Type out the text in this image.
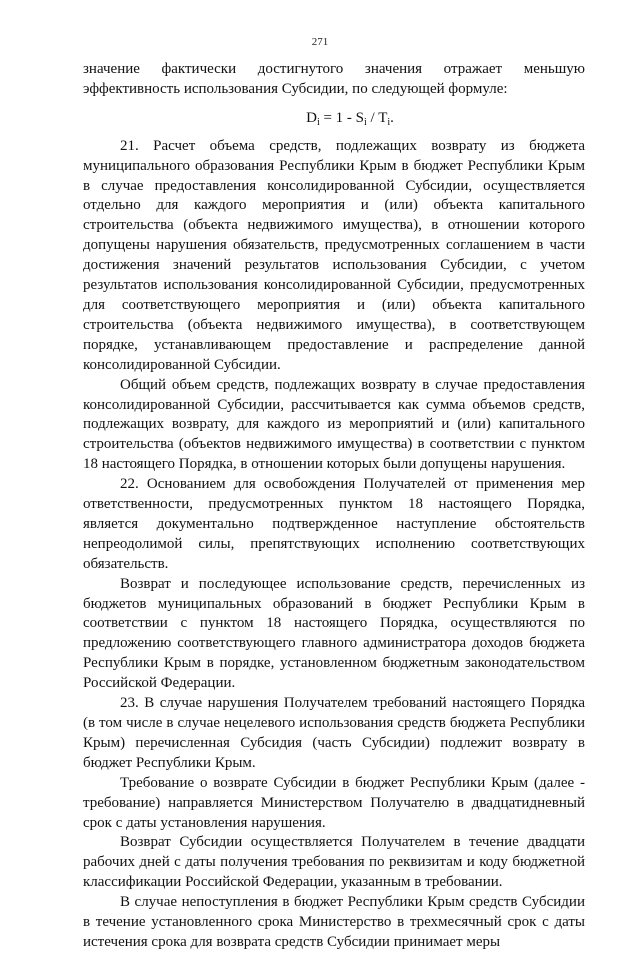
271

значение фактически достигнутого значения отражает меньшую эффективность использования Субсидии, по следующей формуле:

$D_i = 1 - S_i / T_i$.

21. Расчет объема средств, подлежащих возврату из бюджета муниципального образования Республики Крым в бюджет Республики Крым в случае предоставления консолидированной Субсидии, осуществляется отдельно для каждого мероприятия и (или) объекта капитального строительства (объекта недвижимого имущества), в отношении которого допущены нарушения обязательств, предусмотренных соглашением в части достижения значений результатов использования Субсидии, с учетом результатов использования консолидированной Субсидии, предусмотренных для соответствующего мероприятия и (или) объекта капитального строительства (объекта недвижимого имущества), в соответствующем порядке, устанавливающем предоставление и распределение данной консолидированной Субсидии.

Общий объем средств, подлежащих возврату в случае предоставления консолидированной Субсидии, рассчитывается как сумма объемов средств, подлежащих возврату, для каждого из мероприятий и (или) капитального строительства (объектов недвижимого имущества) в соответствии с пунктом 18 настоящего Порядка, в отношении которых были допущены нарушения.

22. Основанием для освобождения Получателей от применения мер ответственности, предусмотренных пунктом 18 настоящего Порядка, является документально подтвержденное наступление обстоятельств непреодолимой силы, препятствующих исполнению соответствующих обязательств.

Возврат и последующее использование средств, перечисленных из бюджетов муниципальных образований в бюджет Республики Крым в соответствии с пунктом 18 настоящего Порядка, осуществляются по предложению соответствующего главного администратора доходов бюджета Республики Крым в порядке, установленном бюджетным законодательством Российской Федерации.

23. В случае нарушения Получателем требований настоящего Порядка (в том числе в случае нецелевого использования средств бюджета Республики Крым) перечисленная Субсидия (часть Субсидии) подлежит возврату в бюджет Республики Крым.

Требование о возврате Субсидии в бюджет Республики Крым (далее - требование) направляется Министерством Получателю в двадцатидневный срок с даты установления нарушения.

Возврат Субсидии осуществляется Получателем в течение двадцати рабочих дней с даты получения требования по реквизитам и коду бюджетной классификации Российской Федерации, указанным в требовании.

В случае непоступления в бюджет Республики Крым средств Субсидии в течение установленного срока Министерство в трехмесячный срок с даты истечения срока для возврата средств Субсидии принимает меры
